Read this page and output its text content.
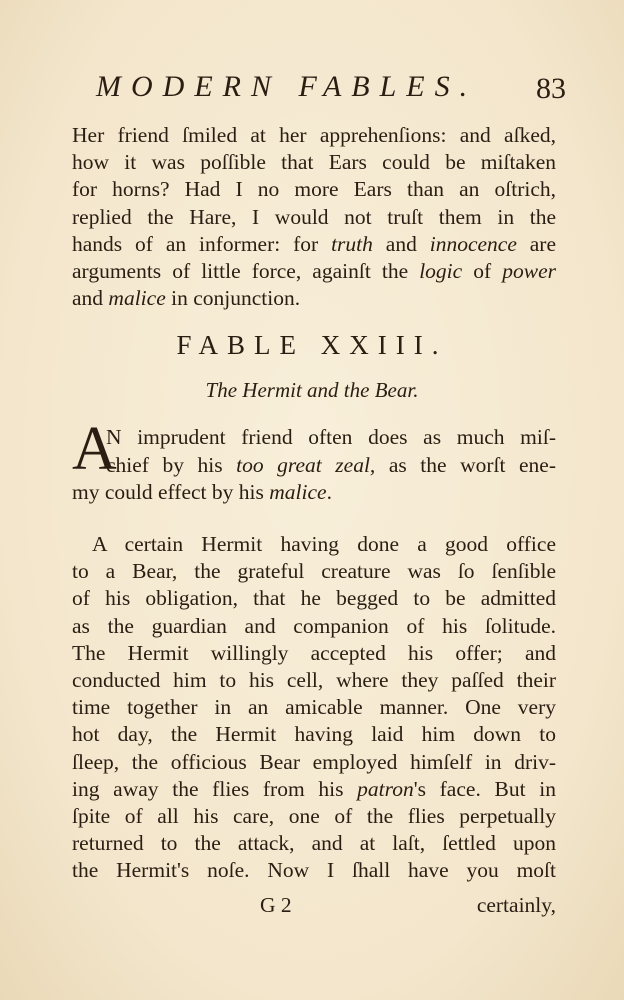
MODERN FABLES. 83
Her friend ſmiled at her apprehenſions: and aſked,
how it was poſſible that Ears could be miſtaken
for horns? Had I no more Ears than an oſtrich,
replied the Hare, I would not truſt them in the
hands of an informer: for truth and innocence are
arguments of little force, againſt the logic of power
and malice in conjunction.
FABLE XXIII.
The Hermit and the Bear.
A
N imprudent friend often does as much miſ-
chief by his too great zeal, as the worſt ene-
my could effect by his malice.
A certain Hermit having done a good office
to a Bear, the grateful creature was ſo ſenſible
of his obligation, that he begged to be admitted
as the guardian and companion of his ſolitude.
The Hermit willingly accepted his offer; and
conducted him to his cell, where they paſſed their
time together in an amicable manner. One very
hot day, the Hermit having laid him down to
ſleep, the officious Bear employed himſelf in driv-
ing away the flies from his patron's face. But in
ſpite of all his care, one of the flies perpetually
returned to the attack, and at laſt, ſettled upon
the Hermit's noſe. Now I ſhall have you moſt
G 2	certainly,
